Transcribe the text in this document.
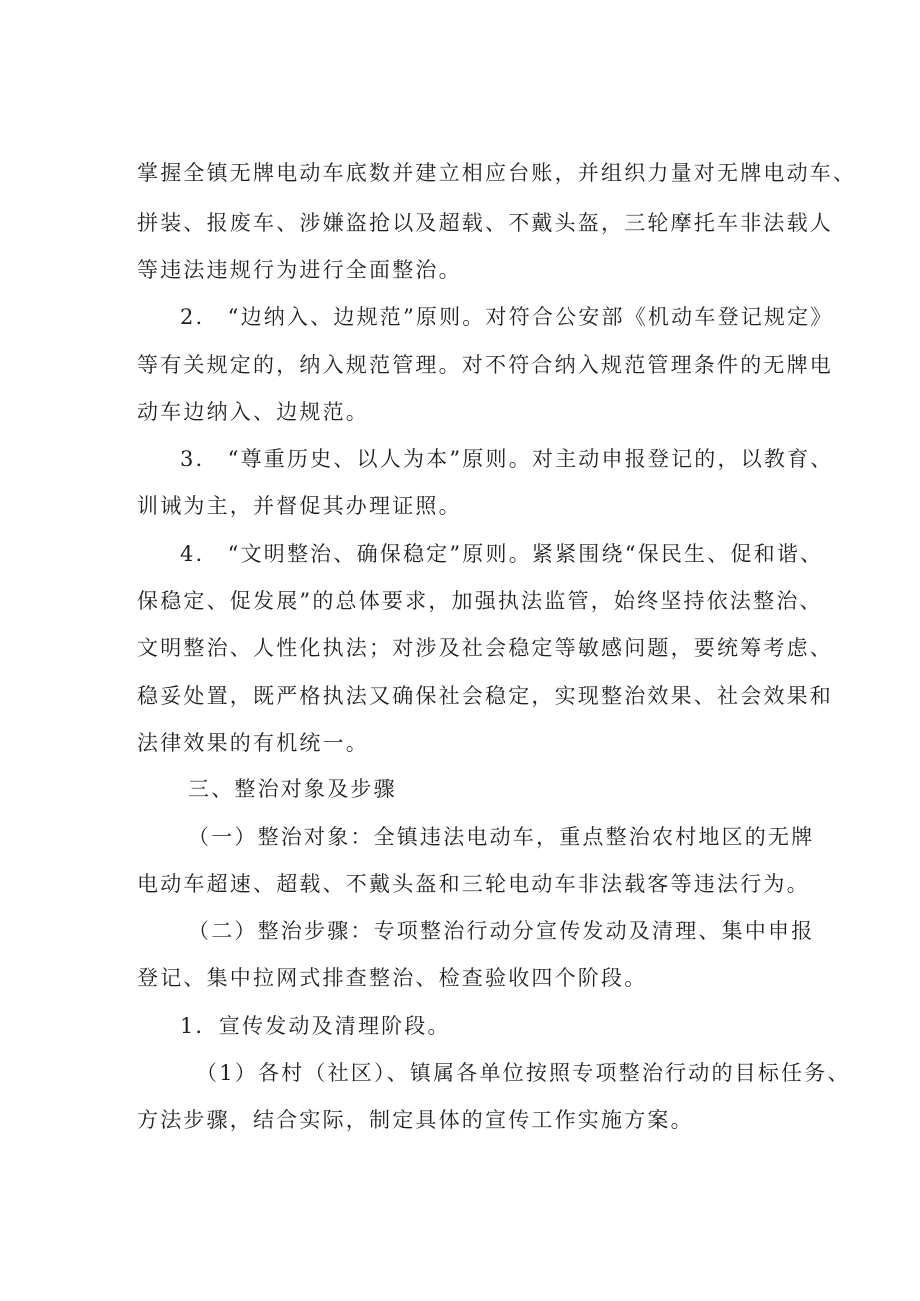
掌握全镇无牌电动车底数并建立相应台账，并组织力量对无牌电动车、

拼装、报废车、涉嫌盗抢以及超载、不戴头盔，三轮摩托车非法载人

等违法违规行为进行全面整治。

2.　“边纳入、边规范”原则。对符合公安部《机动车登记规定》

等有关规定的，纳入规范管理。对不符合纳入规范管理条件的无牌电

动车边纳入、边规范。

3.　“尊重历史、以人为本”原则。对主动申报登记的，以教育、

训诫为主，并督促其办理证照。

4.　“文明整治、确保稳定”原则。紧紧围绕“保民生、促和谐、

保稳定、促发展”的总体要求，加强执法监管，始终坚持依法整治、

文明整治、人性化执法；对涉及社会稳定等敏感问题，要统筹考虑、

稳妥处置，既严格执法又确保社会稳定，实现整治效果、社会效果和

法律效果的有机统一。

三、整治对象及步骤

（一）整治对象：全镇违法电动车，重点整治农村地区的无牌

电动车超速、超载、不戴头盔和三轮电动车非法载客等违法行为。

（二）整治步骤：专项整治行动分宣传发动及清理、集中申报

登记、集中拉网式排查整治、检查验收四个阶段。

1．宣传发动及清理阶段。

（1）各村（社区）、镇属各单位按照专项整治行动的目标任务、

方法步骤，结合实际，制定具体的宣传工作实施方案。
